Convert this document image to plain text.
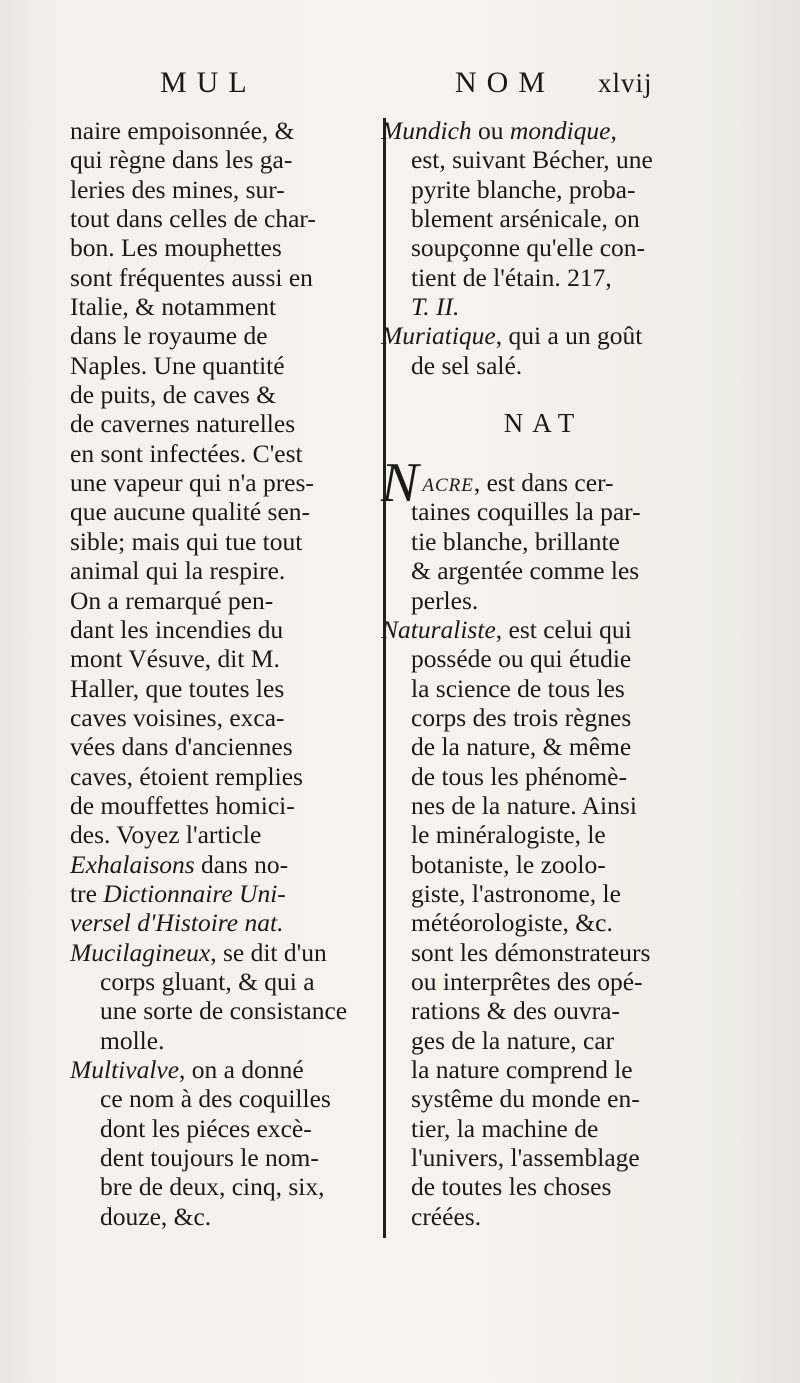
MUL	NOM xlvij
naire empoisonnée, &
qui règne dans les ga-
leries des mines, sur-
tout dans celles de char-
bon. Les mouphettes
sont fréquentes aussi en
Italie, & notamment
dans le royaume de
Naples. Une quantité
de puits, de caves &
de cavernes naturelles
en sont infectées. C'est
une vapeur qui n'a pres-
que aucune qualité sen-
sible; mais qui tue tout
animal qui la respire.
On a remarqué pen-
dant les incendies du
mont Vésuve, dit M.
Haller, que toutes les
caves voisines, exca-
vées dans d'anciennes
caves, étoient remplies
de mouffettes homici-
des. Voyez l'article
Exhalaisons dans no-
tre Dictionnaire Uni-
versel d'Histoire nat.
Mucilagineux, se dit d'un
corps gluant, & qui a
une sorte de consistance
molle.
Multivalve, on a donné
ce nom à des coquilles
dont les piéces excè-
dent toujours le nom-
bre de deux, cinq, six,
douze, &c.
Mundich ou mondique,
est, suivant Bécher, une
pyrite blanche, proba-
blement arsénicale, on
soupçonne qu'elle con-
tient de l'étain. 217,
T. II.
Muriatique, qui a un goût
de sel salé.
NAT
NACRE, est dans cer-
taines coquilles la par-
tie blanche, brillante
& argentée comme les
perles.
Naturaliste, est celui qui
posséde ou qui étudie
la science de tous les
corps des trois règnes
de la nature, & même
de tous les phénomè-
nes de la nature. Ainsi
le minéralogiste, le
botaniste, le zoolo-
giste, l'astronome, le
météorologiste, &c.
sont les démonstrateurs
ou interprêtes des opé-
rations & des ouvra-
ges de la nature, car
la nature comprend le
systême du monde en-
tier, la machine de
l'univers, l'assemblage
de toutes les choses
créées.
